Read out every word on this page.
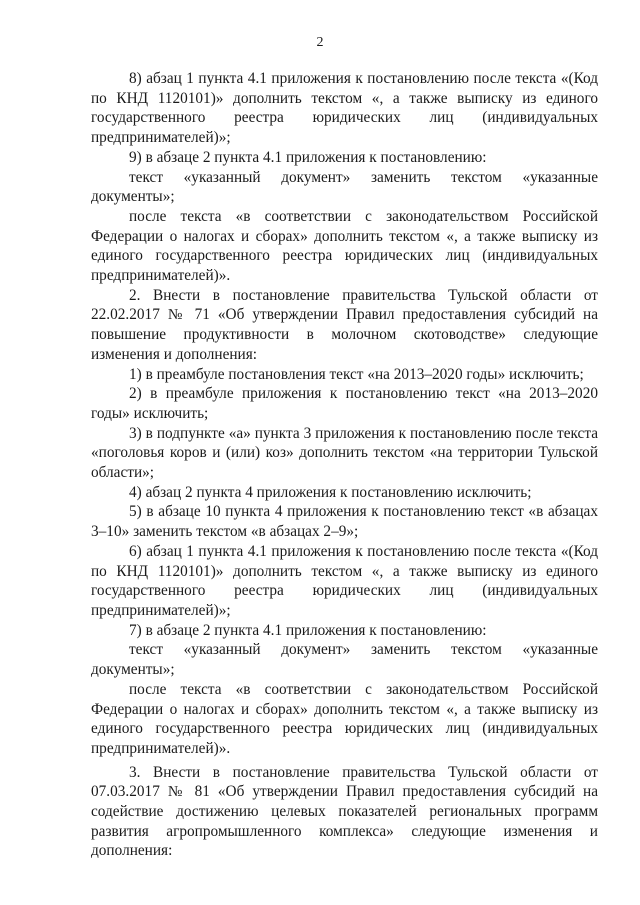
2

8) абзац 1 пункта 4.1 приложения к постановлению после текста «(Код по КНД 1120101)» дополнить текстом «, а также выписку из единого государственного реестра юридических лиц (индивидуальных предпринимателей)»;

9) в абзаце 2 пункта 4.1 приложения к постановлению:

текст «указанный документ» заменить текстом «указанные документы»;

после текста «в соответствии с законодательством Российской Федерации о налогах и сборах» дополнить текстом «, а также выписку из единого государственного реестра юридических лиц (индивидуальных предпринимателей)».

2. Внести в постановление правительства Тульской области от 22.02.2017 № 71 «Об утверждении Правил предоставления субсидий на повышение продуктивности в молочном скотоводстве» следующие изменения и дополнения:

1) в преамбуле постановления текст «на 2013–2020 годы» исключить;

2) в преамбуле приложения к постановлению текст «на 2013–2020 годы» исключить;

3) в подпункте «а» пункта 3 приложения к постановлению после текста «поголовья коров и (или) коз» дополнить текстом «на территории Тульской области»;

4) абзац 2 пункта 4 приложения к постановлению исключить;

5) в абзаце 10 пункта 4 приложения к постановлению текст «в абзацах 3–10» заменить текстом «в абзацах 2–9»;

6) абзац 1 пункта 4.1 приложения к постановлению после текста «(Код по КНД 1120101)» дополнить текстом «, а также выписку из единого государственного реестра юридических лиц (индивидуальных предпринимателей)»;

7) в абзаце 2 пункта 4.1 приложения к постановлению:

текст «указанный документ» заменить текстом «указанные документы»;

после текста «в соответствии с законодательством Российской Федерации о налогах и сборах» дополнить текстом «, а также выписку из единого государственного реестра юридических лиц (индивидуальных предпринимателей)».

3. Внести в постановление правительства Тульской области от 07.03.2017 № 81 «Об утверждении Правил предоставления субсидий на содействие достижению целевых показателей региональных программ развития агропромышленного комплекса» следующие изменения и дополнения:
